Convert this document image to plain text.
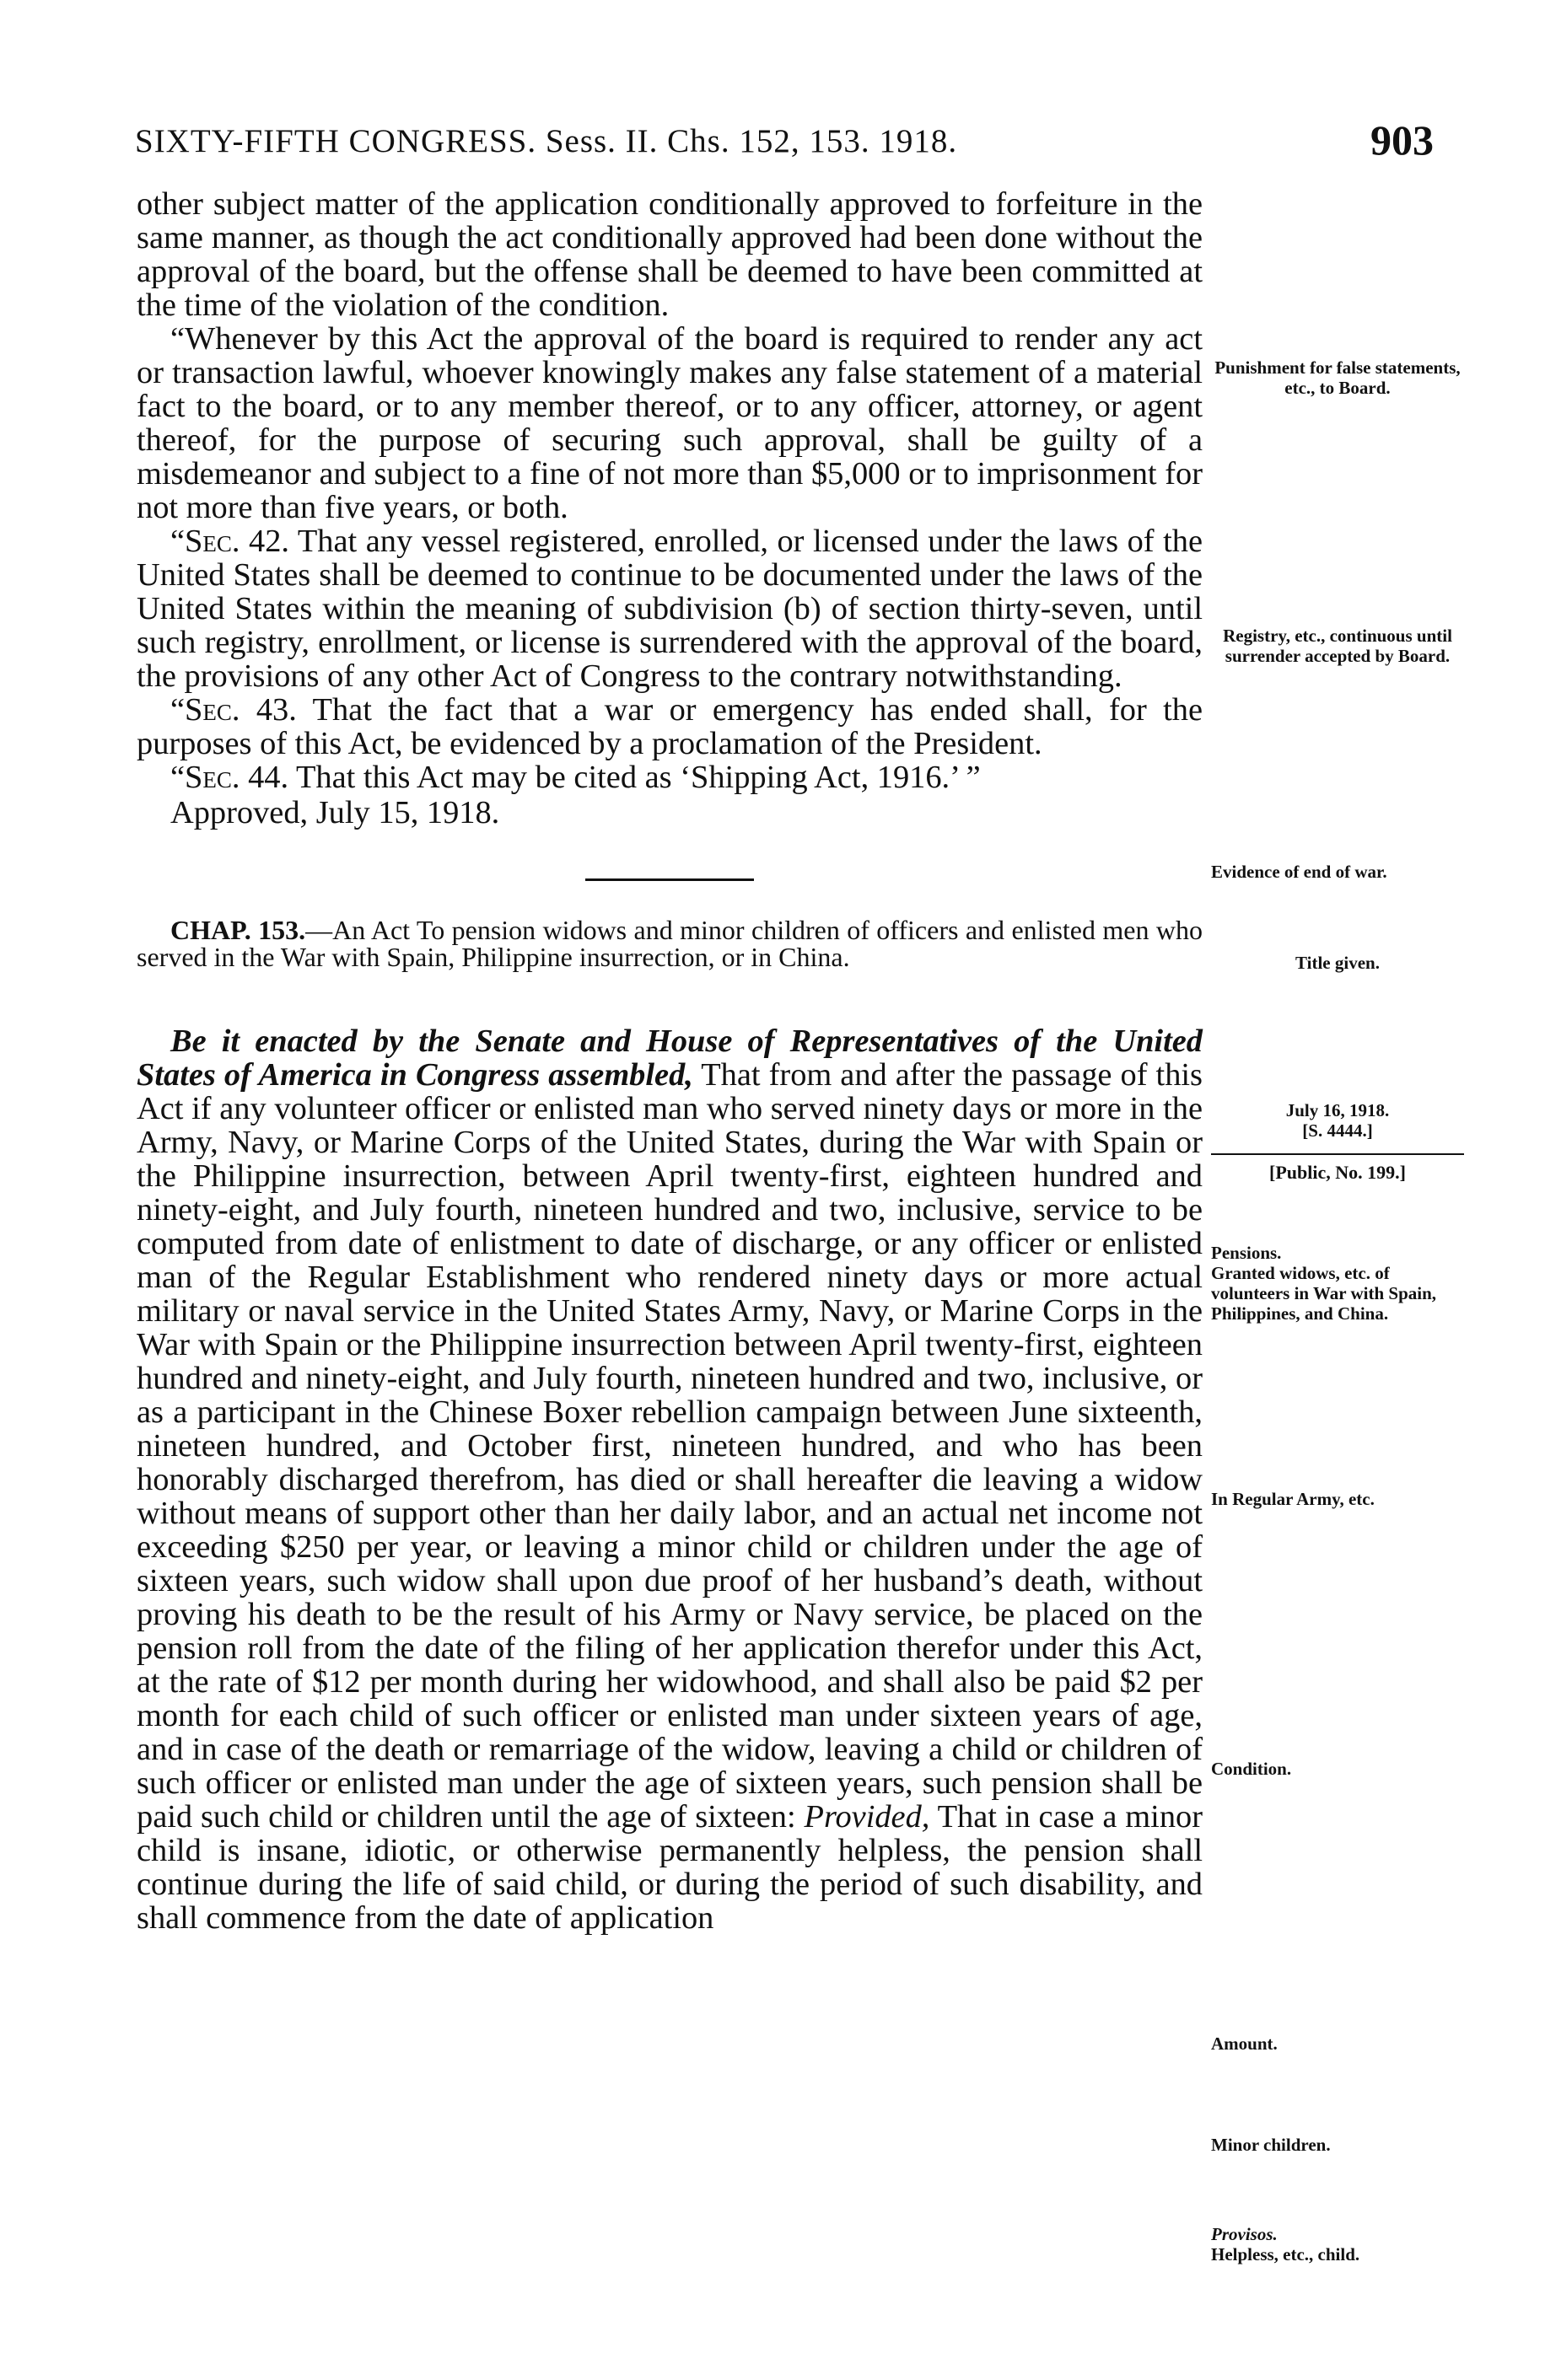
SIXTY-FIFTH CONGRESS. Sess. II. Chs. 152, 153. 1918.	903

other subject matter of the application conditionally approved to forfeiture in the same manner, as though the act conditionally approved had been done without the approval of the board, but the offense shall be deemed to have been committed at the time of the violation of the condition.

“Whenever by this Act the approval of the board is required to render any act or transaction lawful, whoever knowingly makes any false statement of a material fact to the board, or to any member thereof, or to any officer, attorney, or agent thereof, for the purpose of securing such approval, shall be guilty of a misdemeanor and subject to a fine of not more than $5,000 or to imprisonment for not more than five years, or both.

“Sec. 42. That any vessel registered, enrolled, or licensed under the laws of the United States shall be deemed to continue to be documented under the laws of the United States within the meaning of subdivision (b) of section thirty-seven, until such registry, enrollment, or license is surrendered with the approval of the board, the provisions of any other Act of Congress to the contrary notwithstanding.

“Sec. 43. That the fact that a war or emergency has ended shall, for the purposes of this Act, be evidenced by a proclamation of the President.

“Sec. 44. That this Act may be cited as ‘Shipping Act, 1916.’ ”

Approved, July 15, 1918.

CHAP. 153.—An Act To pension widows and minor children of officers and enlisted men who served in the War with Spain, Philippine insurrection, or in China.

Be it enacted by the Senate and House of Representatives of the United States of America in Congress assembled, That from and after the passage of this Act if any volunteer officer or enlisted man who served ninety days or more in the Army, Navy, or Marine Corps of the United States, during the War with Spain or the Philippine insurrection, between April twenty-first, eighteen hundred and ninety-eight, and July fourth, nineteen hundred and two, inclusive, service to be computed from date of enlistment to date of discharge, or any officer or enlisted man of the Regular Establishment who rendered ninety days or more actual military or naval service in the United States Army, Navy, or Marine Corps in the War with Spain or the Philippine insurrection between April twenty-first, eighteen hundred and ninety-eight, and July fourth, nineteen hundred and two, inclusive, or as a participant in the Chinese Boxer rebellion campaign between June sixteenth, nineteen hundred, and October first, nineteen hundred, and who has been honorably discharged therefrom, has died or shall hereafter die leaving a widow without means of support other than her daily labor, and an actual net income not exceeding $250 per year, or leaving a minor child or children under the age of sixteen years, such widow shall upon due proof of her husband’s death, without proving his death to be the result of his Army or Navy service, be placed on the pension roll from the date of the filing of her application therefor under this Act, at the rate of $12 per month during her widowhood, and shall also be paid $2 per month for each child of such officer or enlisted man under sixteen years of age, and in case of the death or remarriage of the widow, leaving a child or children of such officer or enlisted man under the age of sixteen years, such pension shall be paid such child or children until the age of sixteen: Provided, That in case a minor child is insane, idiotic, or otherwise permanently helpless, the pension shall continue during the life of said child, or during the period of such disability, and shall commence from the date of application

Punishment for false statements, etc., to Board.
Registry, etc., continuous until surrender accepted by Board.
Evidence of end of war.
Title given.
July 16, 1918.
[S. 4444.]
[Public, No. 199.]
Pensions.
Granted widows, etc. of volunteers in War with Spain, Philippines, and China.
In Regular Army, etc.
Condition.
Amount.
Minor children.
Provisos.
Helpless, etc., child.
